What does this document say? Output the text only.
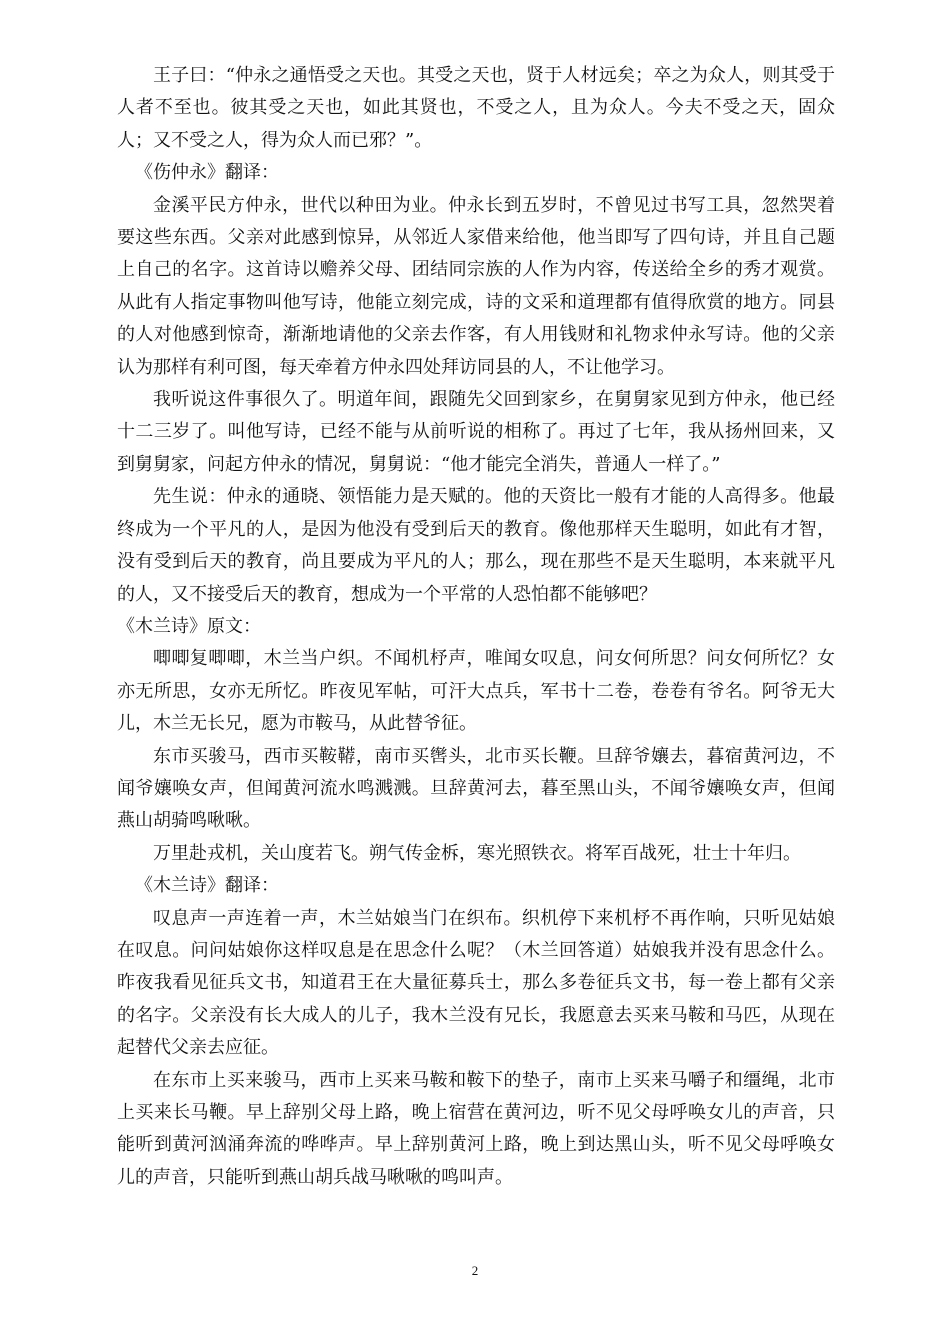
王子曰：“仲永之通悟受之天也。其受之天也，贤于人材远矣；卒之为众人，则其受于人者不至也。彼其受之天也，如此其贤也，不受之人，且为众人。今夫不受之天，固众人；又不受之人，得为众人而已邪？”。

《伤仲永》翻译：

金溪平民方仲永，世代以种田为业。仲永长到五岁时，不曾见过书写工具，忽然哭着要这些东西。父亲对此感到惊异，从邻近人家借来给他，他当即写了四句诗，并且自己题上自己的名字。这首诗以赡养父母、团结同宗族的人作为内容，传送给全乡的秀才观赏。从此有人指定事物叫他写诗，他能立刻完成，诗的文采和道理都有值得欣赏的地方。同县的人对他感到惊奇，渐渐地请他的父亲去作客，有人用钱财和礼物求仲永写诗。他的父亲认为那样有利可图，每天牵着方仲永四处拜访同县的人，不让他学习。

我听说这件事很久了。明道年间，跟随先父回到家乡，在舅舅家见到方仲永，他已经十二三岁了。叫他写诗，已经不能与从前听说的相称了。再过了七年，我从扬州回来，又到舅舅家，问起方仲永的情况，舅舅说：“他才能完全消失，普通人一样了。”

先生说：仲永的通晓、领悟能力是天赋的。他的天资比一般有才能的人高得多。他最终成为一个平凡的人，是因为他没有受到后天的教育。像他那样天生聪明，如此有才智，没有受到后天的教育，尚且要成为平凡的人；那么，现在那些不是天生聪明，本来就平凡的人，又不接受后天的教育，想成为一个平常的人恐怕都不能够吧？

《木兰诗》原文：

唧唧复唧唧，木兰当户织。不闻机杼声，唯闻女叹息，问女何所思？问女何所忆？女亦无所思，女亦无所忆。昨夜见军帖，可汗大点兵，军书十二卷，卷卷有爷名。阿爷无大儿，木兰无长兄，愿为市鞍马，从此替爷征。

东市买骏马，西市买鞍鞯，南市买辔头，北市买长鞭。旦辞爷孃去，暮宿黄河边，不闻爷孃唤女声，但闻黄河流水鸣溅溅。旦辞黄河去，暮至黑山头，不闻爷孃唤女声，但闻燕山胡骑鸣啾啾。

万里赴戎机，关山度若飞。朔气传金柝，寒光照铁衣。将军百战死，壮士十年归。

《木兰诗》翻译：

叹息声一声连着一声，木兰姑娘当门在织布。织机停下来机杼不再作响，只听见姑娘在叹息。问问姑娘你这样叹息是在思念什么呢？（木兰回答道）姑娘我并没有思念什么。昨夜我看见征兵文书，知道君王在大量征募兵士，那么多卷征兵文书，每一卷上都有父亲的名字。父亲没有长大成人的儿子，我木兰没有兄长，我愿意去买来马鞍和马匹，从现在起替代父亲去应征。

在东市上买来骏马，西市上买来马鞍和鞍下的垫子，南市上买来马嚼子和缰绳，北市上买来长马鞭。早上辞别父母上路，晚上宿营在黄河边，听不见父母呼唤女儿的声音，只能听到黄河汹涌奔流的哗哗声。早上辞别黄河上路，晚上到达黑山头，听不见父母呼唤女儿的声音，只能听到燕山胡兵战马啾啾的鸣叫声。

2
